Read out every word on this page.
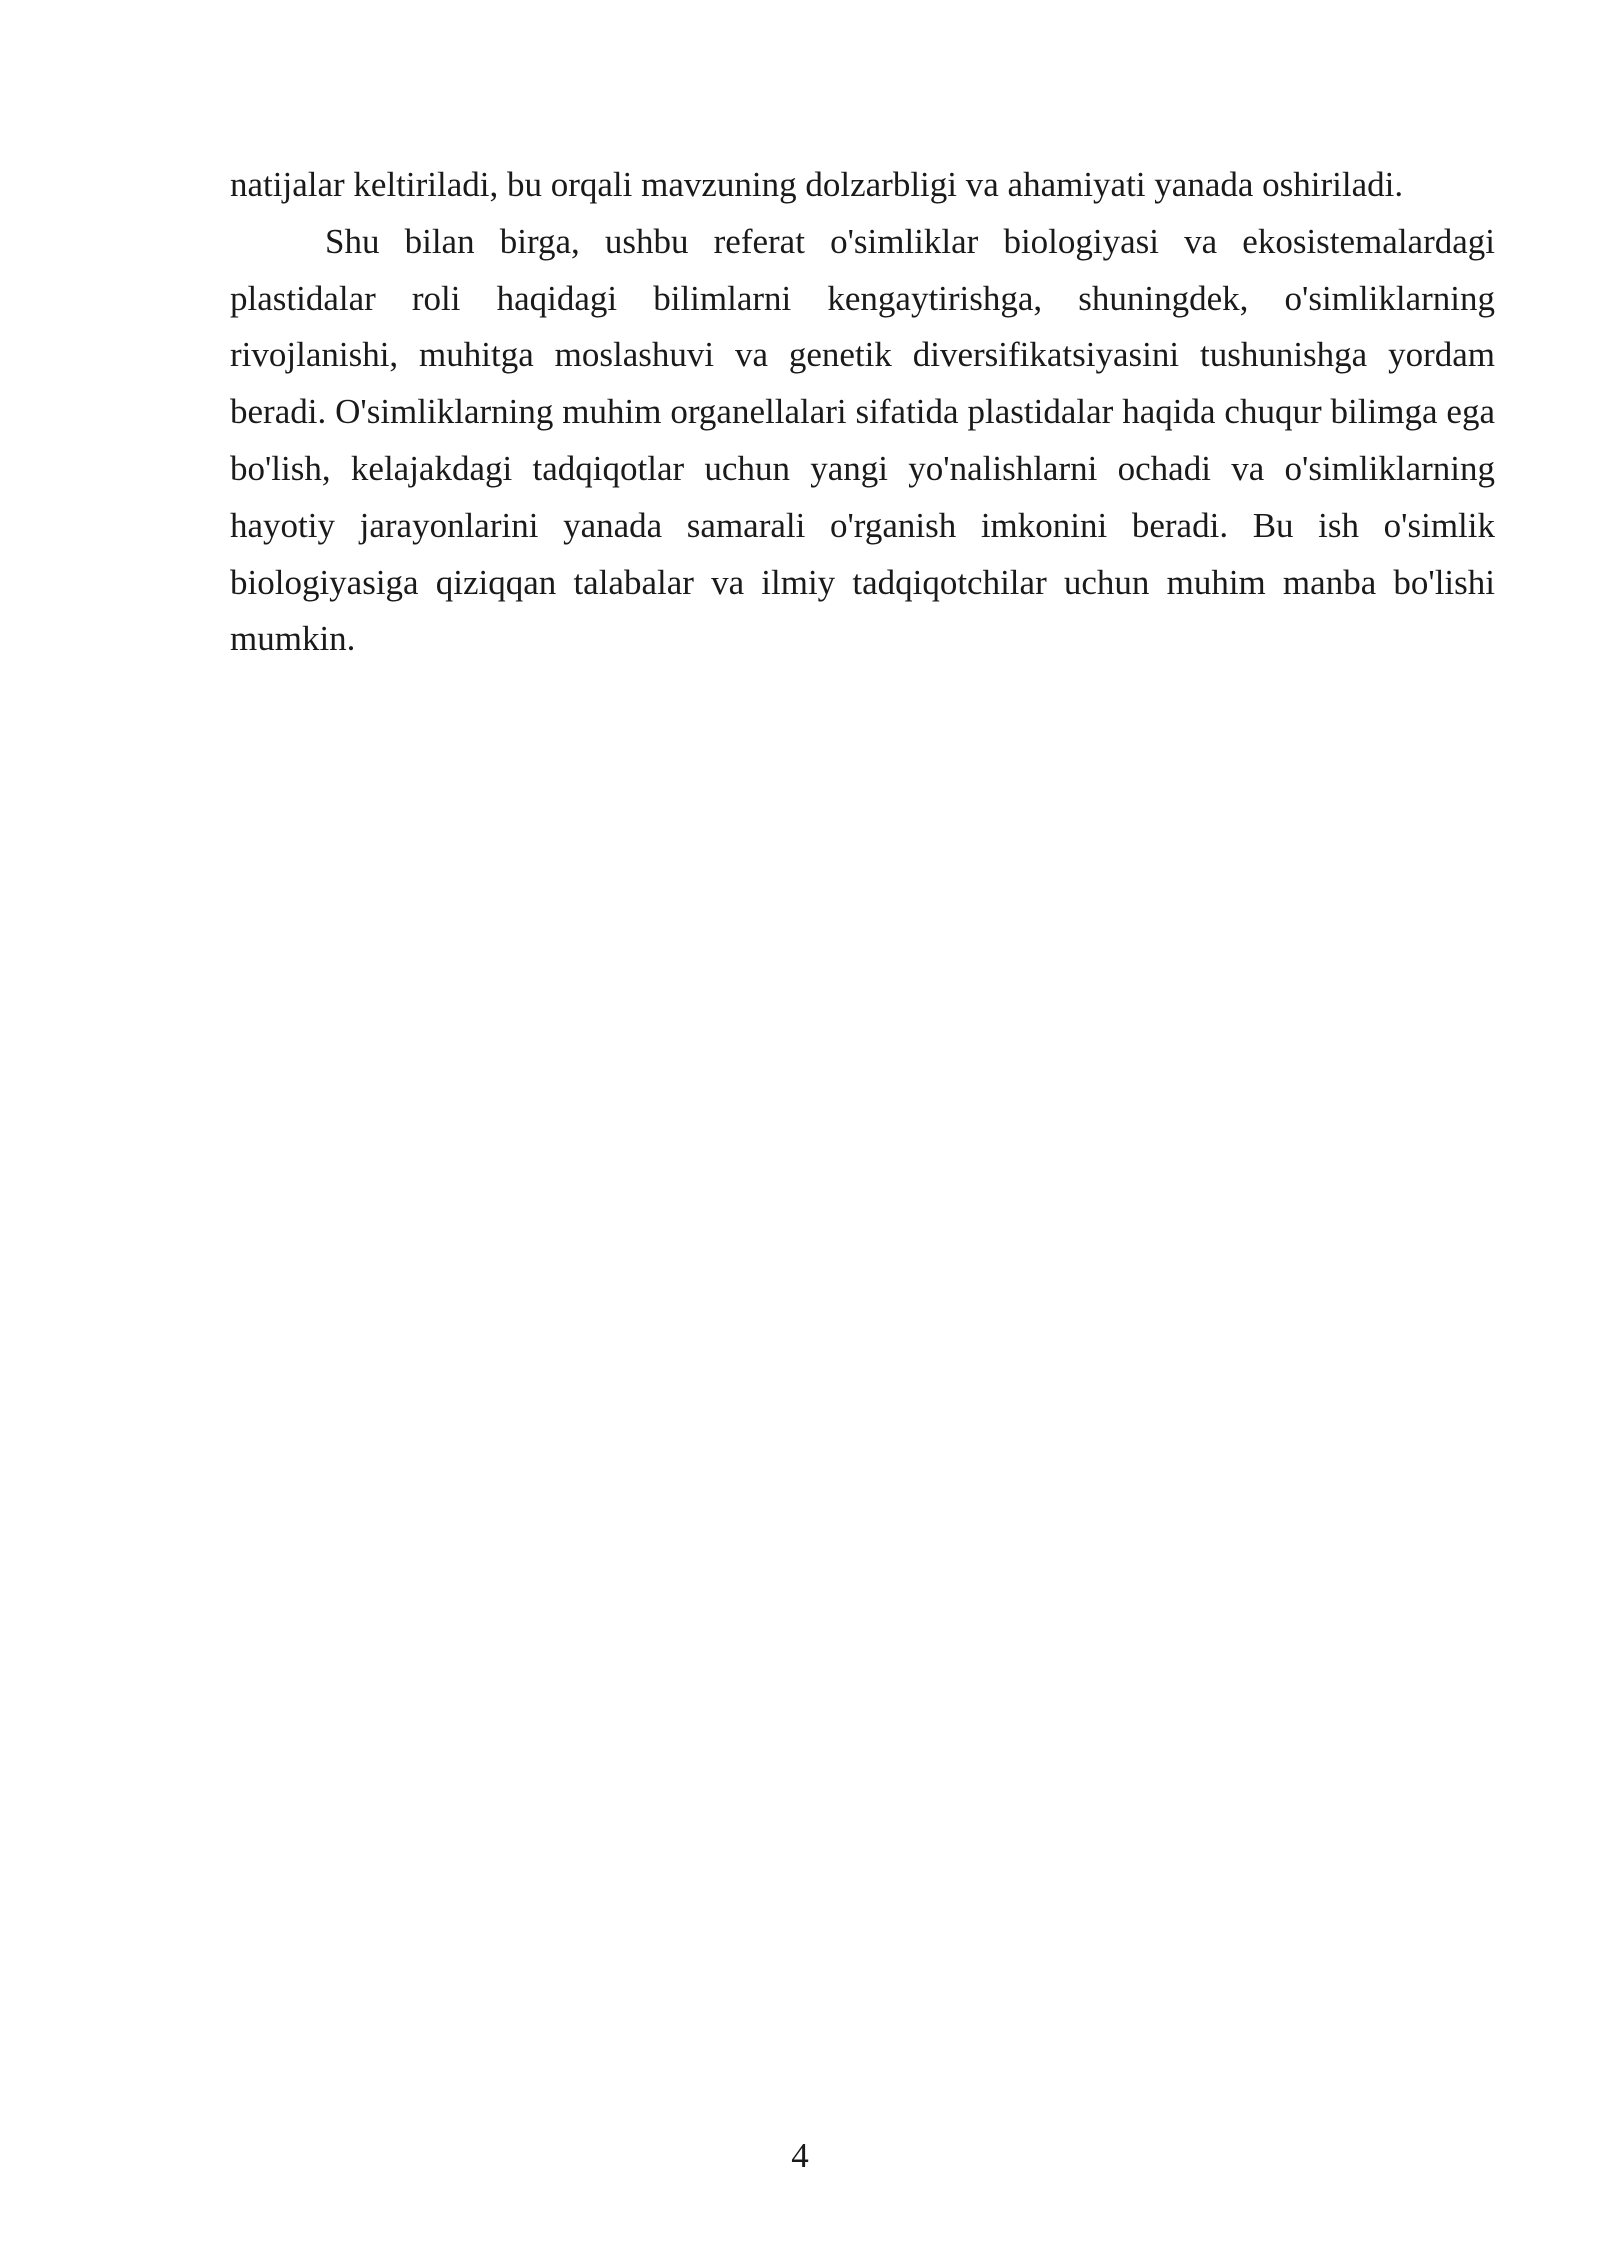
natijalar keltiriladi, bu orqali mavzuning dolzarbligi va ahamiyati yanada oshiriladi.

Shu bilan birga, ushbu referat o'simliklar biologiyasi va ekosistemalardagi plastidalar roli haqidagi bilimlarni kengaytirishga, shuningdek, o'simliklarning rivojlanishi, muhitga moslashuvi va genetik diversifikatsiyasini tushunishga yordam beradi. O'simliklarning muhim organellalari sifatida plastidalar haqida chuqur bilimga ega bo'lish, kelajakdagi tadqiqotlar uchun yangi yo'nalishlarni ochadi va o'simliklarning hayotiy jarayonlarini yanada samarali o'rganish imkonini beradi. Bu ish o'simlik biologiyasiga qiziqqan talabalar va ilmiy tadqiqotchilar uchun muhim manba bo'lishi mumkin.

4
